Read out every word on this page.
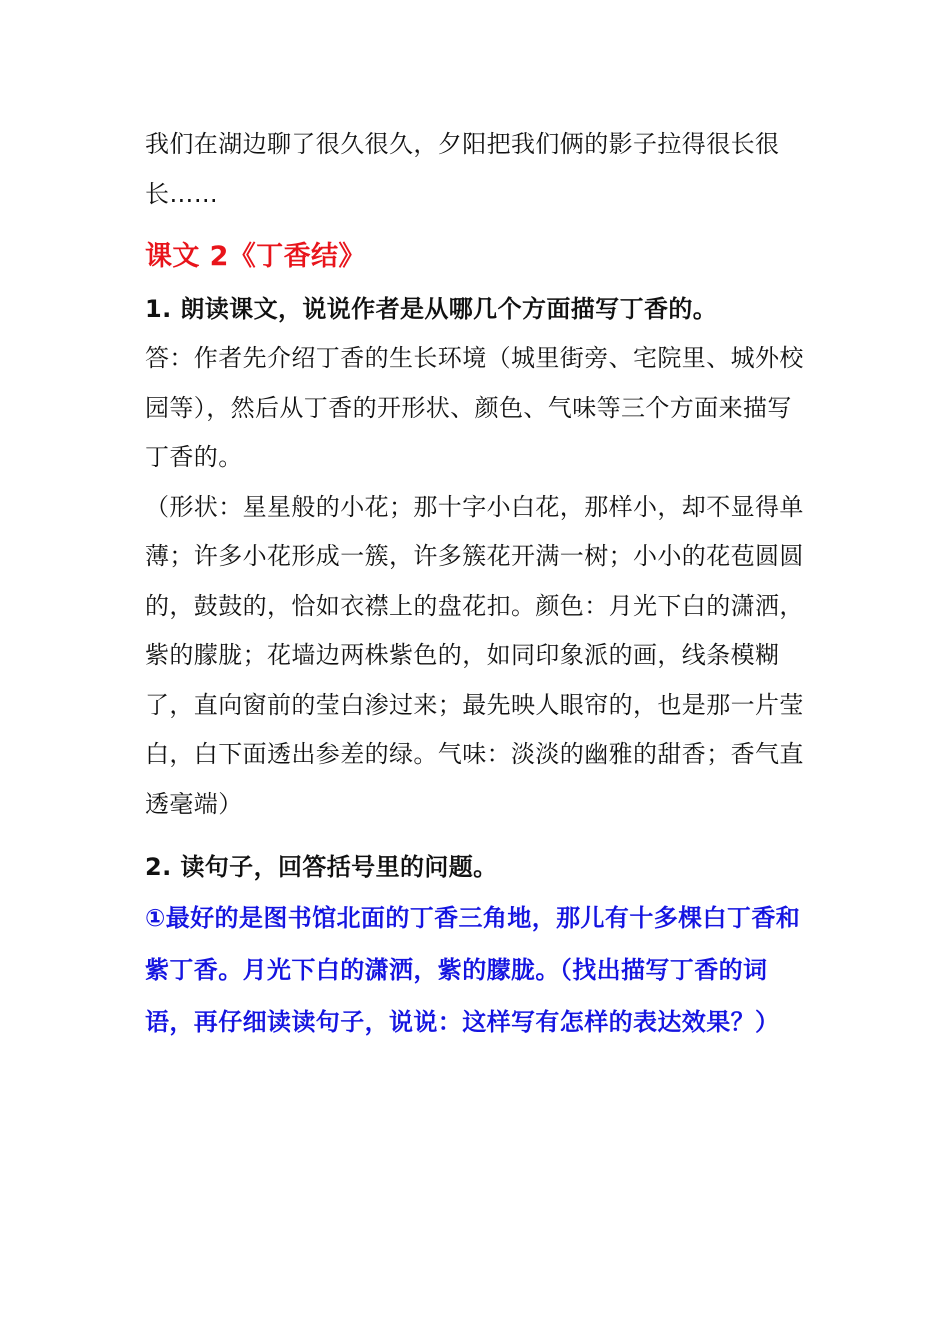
我们在湖边聊了很久很久，夕阳把我们俩的影子拉得很长很长……

课文 2《丁香结》

1. 朗读课文，说说作者是从哪几个方面描写丁香的。

答：作者先介绍丁香的生长环境（城里街旁、宅院里、城外校园等），然后从丁香的开形状、颜色、气味等三个方面来描写丁香的。

（形状：星星般的小花；那十字小白花，那样小，却不显得单薄；许多小花形成一簇，许多簇花开满一树；小小的花苞圆圆的，鼓鼓的，恰如衣襟上的盘花扣。颜色：月光下白的潇洒，紫的朦胧；花墙边两株紫色的，如同印象派的画，线条模糊了，直向窗前的莹白渗过来；最先映人眼帘的，也是那一片莹白，白下面透出参差的绿。气味：淡淡的幽雅的甜香；香气直透毫端）

2. 读句子，回答括号里的问题。

①最好的是图书馆北面的丁香三角地，那儿有十多棵白丁香和紫丁香。月光下白的潇洒，紫的朦胧。（找出描写丁香的词语，再仔细读读句子，说说：这样写有怎样的表达效果？）
